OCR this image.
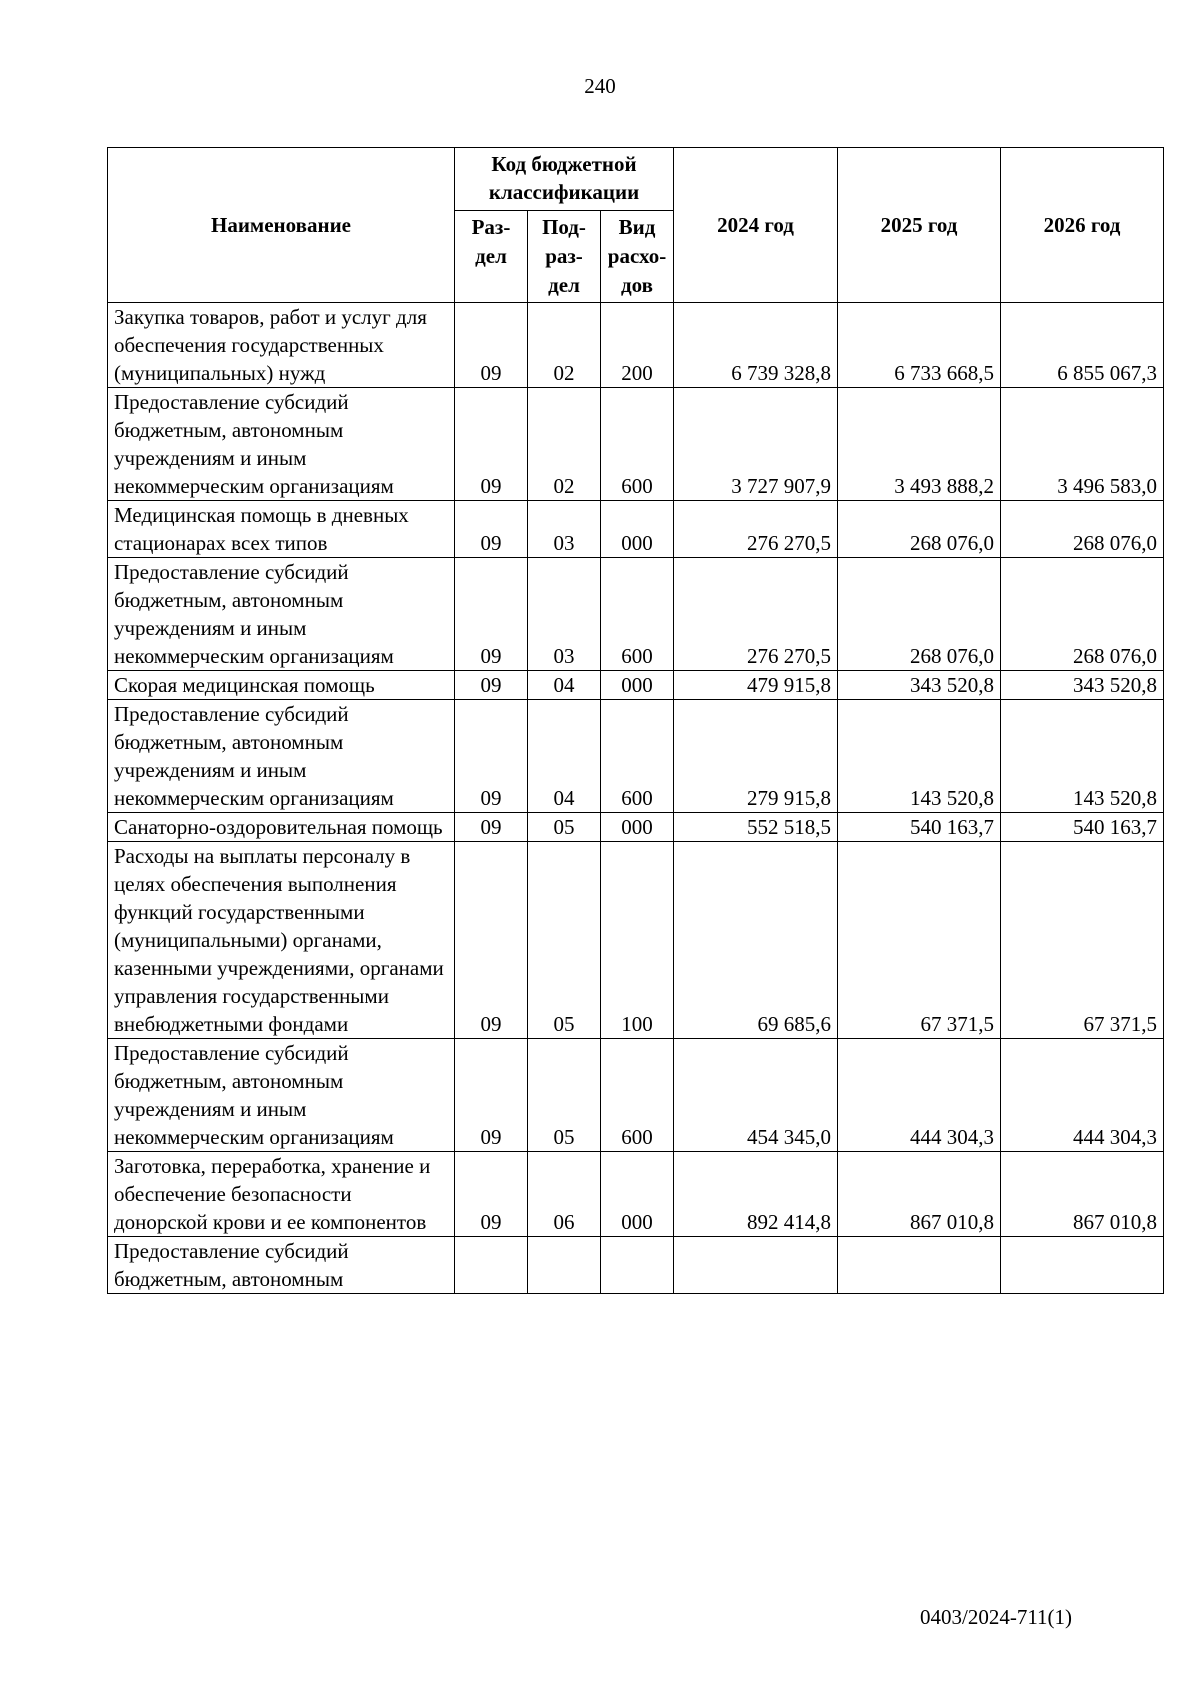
240
Наименование	Код бюджетной классификации			2024 год	2025 год	2026 год
	Раз-дел	Под-раз-дел	Вид расхо-дов			
Закупка товаров, работ и услуг для обеспечения государственных (муниципальных) нужд	09	02	200	6 739 328,8	6 733 668,5	6 855 067,3
Предоставление субсидий бюджетным, автономным учреждениям и иным некоммерческим организациям	09	02	600	3 727 907,9	3 493 888,2	3 496 583,0
Медицинская помощь в дневных стационарах всех типов	09	03	000	276 270,5	268 076,0	268 076,0
Предоставление субсидий бюджетным, автономным учреждениям и иным некоммерческим организациям	09	03	600	276 270,5	268 076,0	268 076,0
Скорая медицинская помощь	09	04	000	479 915,8	343 520,8	343 520,8
Предоставление субсидий бюджетным, автономным учреждениям и иным некоммерческим организациям	09	04	600	279 915,8	143 520,8	143 520,8
Санаторно-оздоровительная помощь	09	05	000	552 518,5	540 163,7	540 163,7
Расходы на выплаты персоналу в целях обеспечения выполнения функций государственными (муниципальными) органами, казенными учреждениями, органами управления государственными внебюджетными фондами	09	05	100	69 685,6	67 371,5	67 371,5
Предоставление субсидий бюджетным, автономным учреждениям и иным некоммерческим организациям	09	05	600	454 345,0	444 304,3	444 304,3
Заготовка, переработка, хранение и обеспечение безопасности донорской крови и ее компонентов	09	06	000	892 414,8	867 010,8	867 010,8
Предоставление субсидий бюджетным, автономным						
0403/2024-711(1)
